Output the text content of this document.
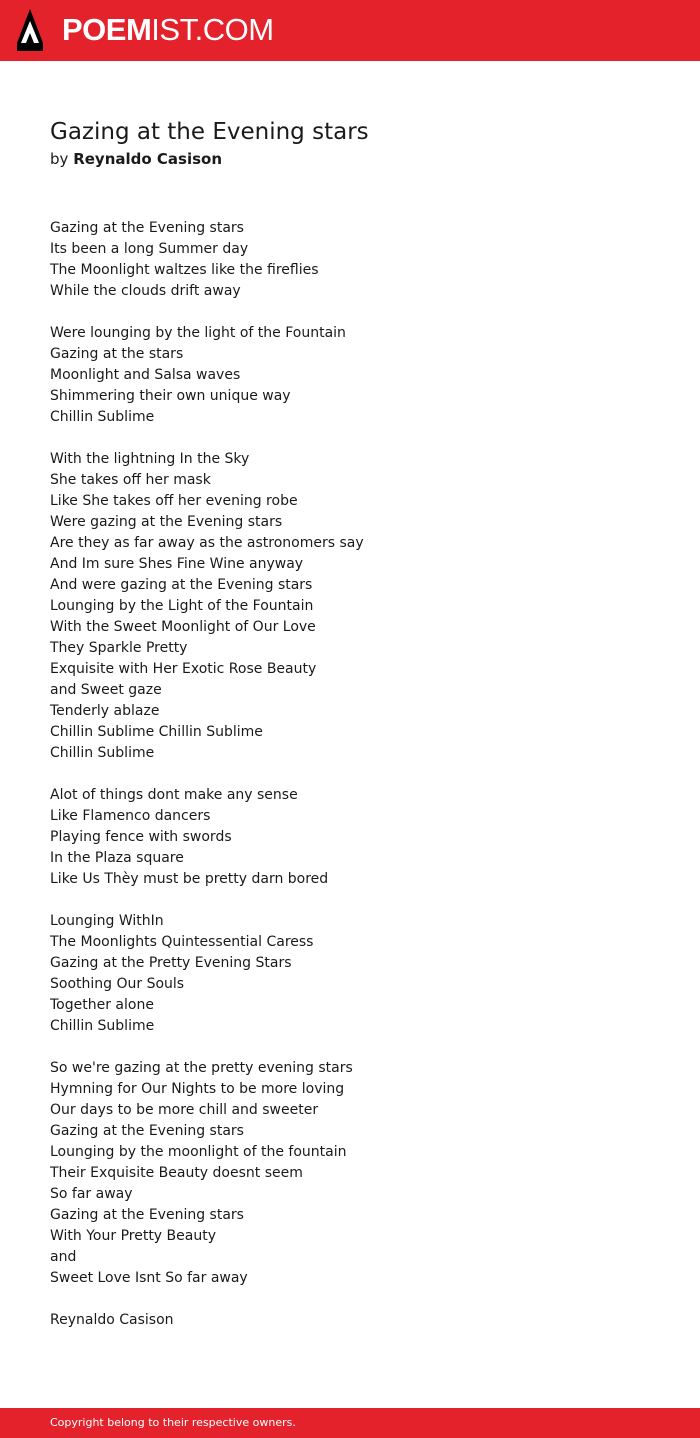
POEMIST.COM
Gazing at the Evening stars
by Reynaldo Casison
Gazing at the Evening stars
Its been a long Summer day
The Moonlight waltzes like the fireflies
While the clouds drift away
Were lounging by the light of the Fountain
Gazing at the stars
Moonlight and Salsa waves
Shimmering their own unique way
Chillin Sublime
With the lightning In the Sky
She takes off her mask
Like She takes off her evening robe
Were gazing at the Evening stars
Are they as far away as the astronomers say
And Im sure Shes Fine Wine anyway
And were gazing at the Evening stars
Lounging by the Light of the Fountain
With the Sweet Moonlight of Our Love
They Sparkle Pretty
Exquisite with Her Exotic Rose Beauty
and Sweet gaze
Tenderly ablaze
Chillin Sublime Chillin Sublime
Chillin Sublime
Alot of things dont make any sense
Like Flamenco dancers
Playing fence with swords
In the Plaza square
Like Us Thèy must be pretty darn bored
Lounging WithIn
The Moonlights Quintessential Caress
Gazing at the Pretty Evening Stars
Soothing Our Souls
Together alone
Chillin Sublime
So we're gazing at the pretty evening stars
Hymning for Our Nights to be more loving
Our days to be more chill and sweeter
Gazing at the Evening stars
Lounging by the moonlight of the fountain
Their Exquisite Beauty doesnt seem
So far away
Gazing at the Evening stars
With Your Pretty Beauty
and
Sweet Love Isnt So far away
Reynaldo Casison
Copyright belong to their respective owners.
